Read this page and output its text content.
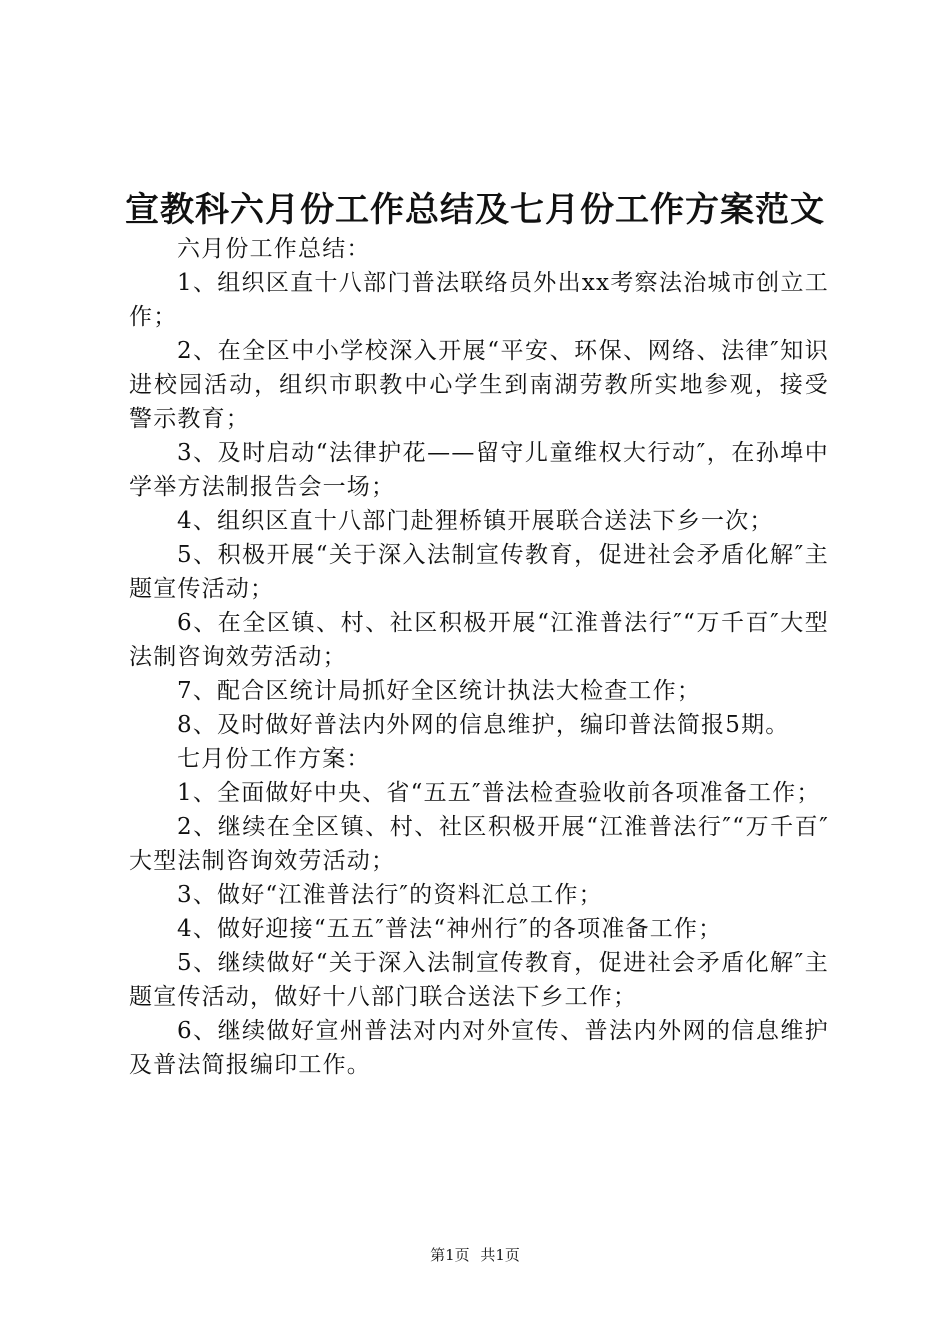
宣教科六月份工作总结及七月份工作方案范文

六月份工作总结：

1、组织区直十八部门普法联络员外出xx考察法治城市创立工作；

2、在全区中小学校深入开展“平安、环保、网络、法律″知识进校园活动，组织市职教中心学生到南湖劳教所实地参观，接受警示教育；

3、及时启动“法律护花——留守儿童维权大行动″，在孙埠中学举方法制报告会一场；

4、组织区直十八部门赴狸桥镇开展联合送法下乡一次；

5、积极开展“关于深入法制宣传教育，促进社会矛盾化解″主题宣传活动；

6、在全区镇、村、社区积极开展“江淮普法行″“万千百″大型法制咨询效劳活动；

7、配合区统计局抓好全区统计执法大检查工作；

8、及时做好普法内外网的信息维护，编印普法简报5期。

七月份工作方案：

1、全面做好中央、省“五五″普法检查验收前各项准备工作；

2、继续在全区镇、村、社区积极开展“江淮普法行″“万千百″大型法制咨询效劳活动；

3、做好“江淮普法行″的资料汇总工作；

4、做好迎接“五五″普法“神州行″的各项准备工作；

5、继续做好“关于深入法制宣传教育，促进社会矛盾化解″主题宣传活动，做好十八部门联合送法下乡工作；

6、继续做好宣州普法对内对外宣传、普法内外网的信息维护及普法简报编印工作。

第1页 共1页
